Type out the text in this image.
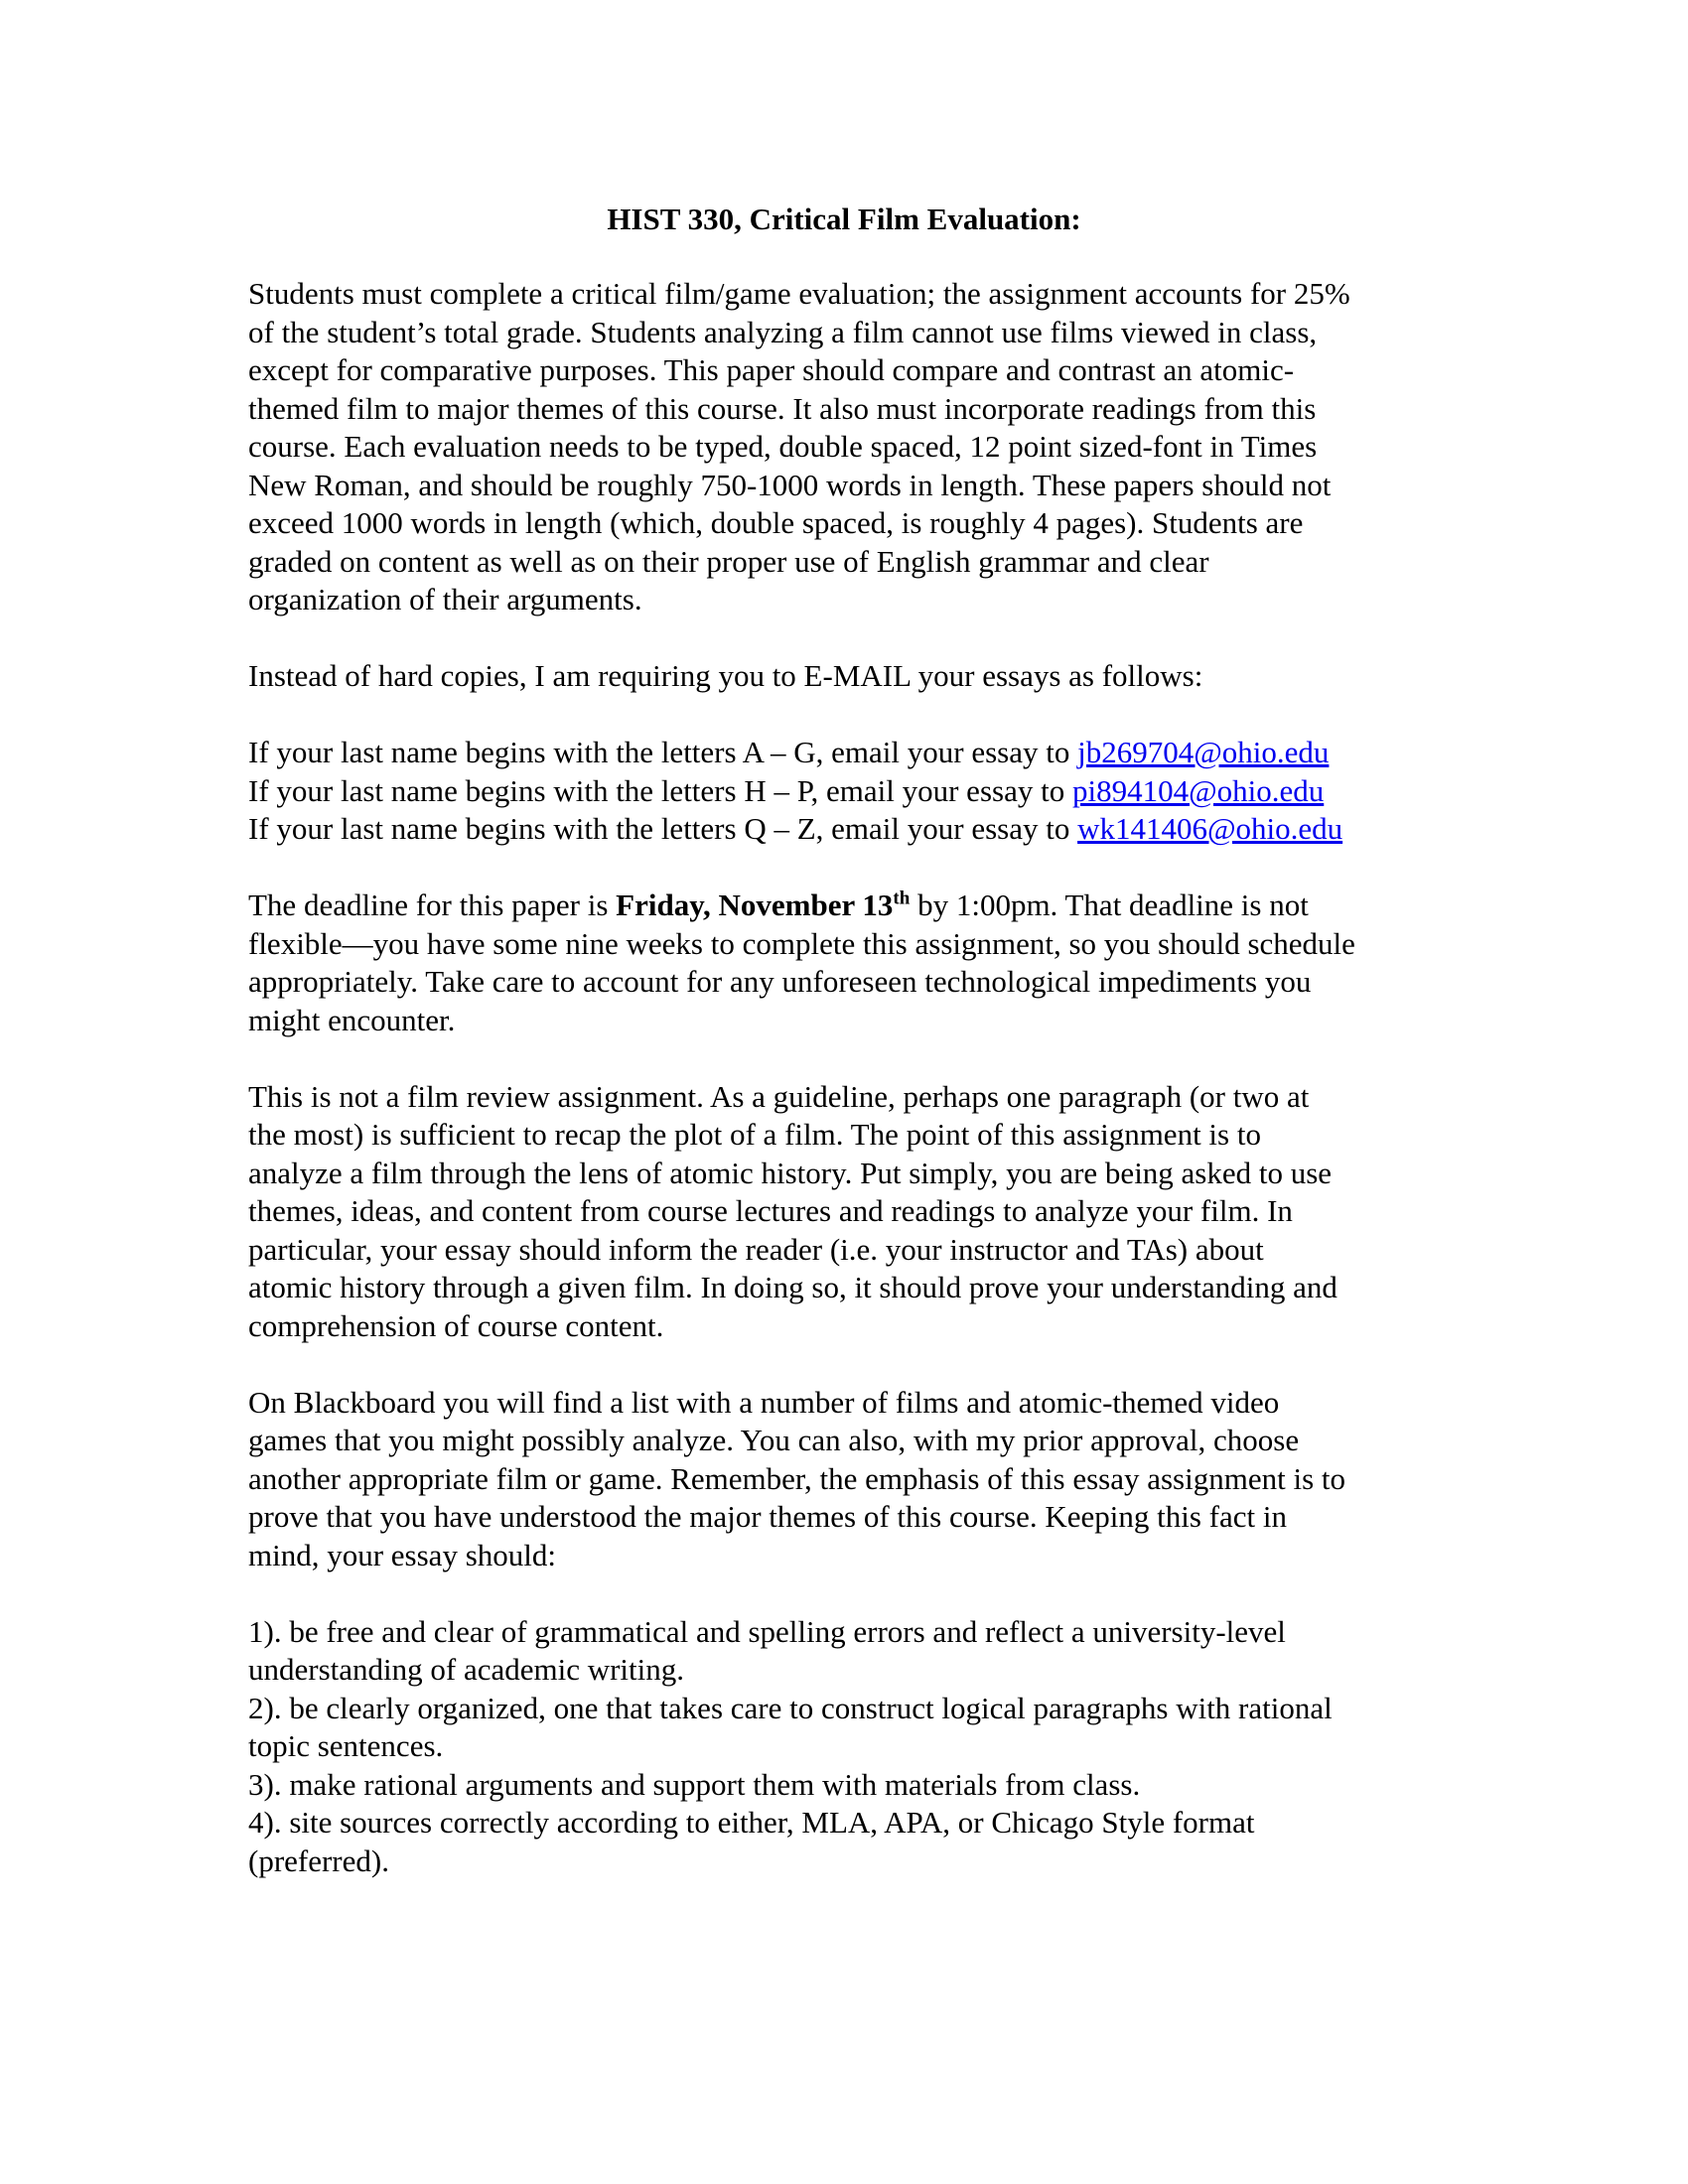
HIST 330, Critical Film Evaluation:

Students must complete a critical film/game evaluation; the assignment accounts for 25%
of the student’s total grade. Students analyzing a film cannot use films viewed in class,
except for comparative purposes. This paper should compare and contrast an atomic-
themed film to major themes of this course. It also must incorporate readings from this
course. Each evaluation needs to be typed, double spaced, 12 point sized-font in Times
New Roman, and should be roughly 750-1000 words in length. These papers should not
exceed 1000 words in length (which, double spaced, is roughly 4 pages). Students are
graded on content as well as on their proper use of English grammar and clear
organization of their arguments.

Instead of hard copies, I am requiring you to E-MAIL your essays as follows:

If your last name begins with the letters A – G, email your essay to jb269704@ohio.edu
If your last name begins with the letters H – P, email your essay to pi894104@ohio.edu
If your last name begins with the letters Q – Z, email your essay to wk141406@ohio.edu

The deadline for this paper is Friday, November 13th by 1:00pm. That deadline is not
flexible—you have some nine weeks to complete this assignment, so you should schedule
appropriately. Take care to account for any unforeseen technological impediments you
might encounter.

This is not a film review assignment. As a guideline, perhaps one paragraph (or two at
the most) is sufficient to recap the plot of a film. The point of this assignment is to
analyze a film through the lens of atomic history. Put simply, you are being asked to use
themes, ideas, and content from course lectures and readings to analyze your film. In
particular, your essay should inform the reader (i.e. your instructor and TAs) about
atomic history through a given film. In doing so, it should prove your understanding and
comprehension of course content.

On Blackboard you will find a list with a number of films and atomic-themed video
games that you might possibly analyze. You can also, with my prior approval, choose
another appropriate film or game. Remember, the emphasis of this essay assignment is to
prove that you have understood the major themes of this course. Keeping this fact in
mind, your essay should:

1). be free and clear of grammatical and spelling errors and reflect a university-level
understanding of academic writing.
2). be clearly organized, one that takes care to construct logical paragraphs with rational
topic sentences.
3). make rational arguments and support them with materials from class.
4). site sources correctly according to either, MLA, APA, or Chicago Style format
(preferred).
